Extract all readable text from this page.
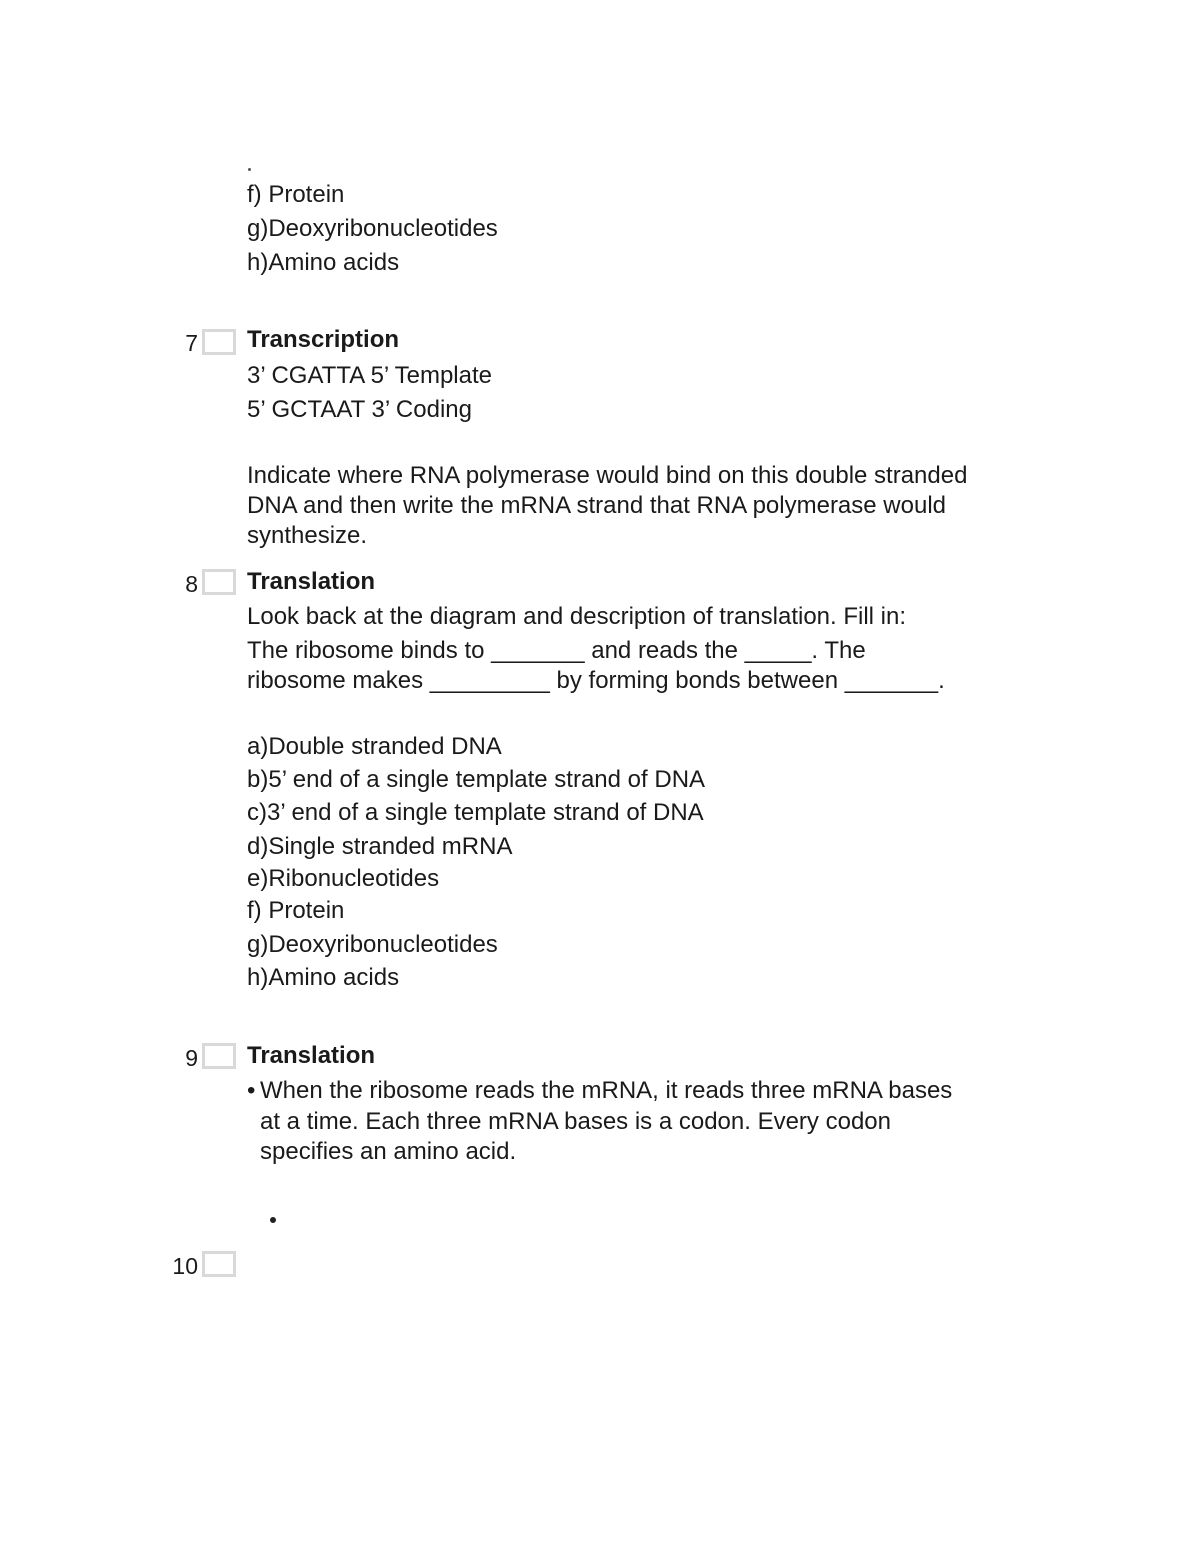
f) Protein
g)Deoxyribonucleotides
h)Amino acids
7 Transcription
3’ CGATTA 5’ Template
5’ GCTAAT 3’ Coding
Indicate where RNA polymerase would bind on this double stranded
DNA and then write the mRNA strand that RNA polymerase would
synthesize.
8 Translation
Look back at the diagram and description of translation. Fill in:
The ribosome binds to _______ and reads the _____. The
ribosome makes _________ by forming bonds between _______.
a)Double stranded DNA
b)5’ end of a single template strand of DNA
c)3’ end of a single template strand of DNA
d)Single stranded mRNA
e)Ribonucleotides
f) Protein
g)Deoxyribonucleotides
h)Amino acids
9 Translation
• When the ribosome reads the mRNA, it reads three mRNA bases
at a time. Each three mRNA bases is a codon. Every codon
specifies an amino acid.
10
